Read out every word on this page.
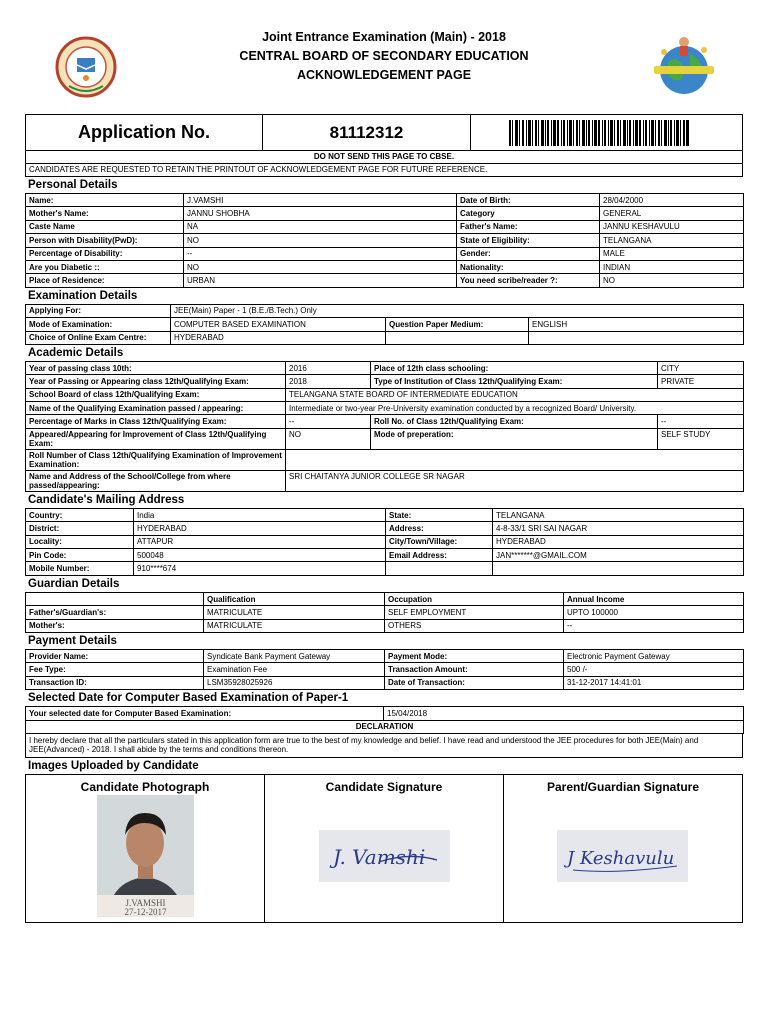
Joint Entrance Examination (Main) - 2018
CENTRAL BOARD OF SECONDARY EDUCATION
ACKNOWLEDGEMENT PAGE
Application No.	81112312
DO NOT SEND THIS PAGE TO CBSE.
CANDIDATES ARE REQUESTED TO RETAIN THE PRINTOUT OF ACKNOWLEDGEMENT PAGE FOR FUTURE REFERENCE.
Personal Details
Name:	J.VAMSHI	Date of Birth:	28/04/2000
Mother's Name:	JANNU SHOBHA	Category	GENERAL
Caste Name	NA	Father's Name:	JANNU KESHAVULU
Person with Disability(PwD):	NO	State of Eligibility:	TELANGANA
Percentage of Disability:	--	Gender:	MALE
Are you Diabetic ::	NO	Nationality:	INDIAN
Place of Residence:	URBAN	You need scribe/reader ?:	NO
Examination Details
Applying For:	JEE(Main) Paper - 1 (B.E./B.Tech.) Only		
Mode of Examination:	COMPUTER BASED EXAMINATION	Question Paper Medium:	ENGLISH
Choice of Online Exam Centre:	HYDERABAD		
Academic Details
Year of passing class 10th:	2016	Place of 12th class schooling:	CITY
Year of Passing or Appearing class 12th/Qualifying Exam:	2018	Type of Institution of Class 12th/Qualifying Exam:	PRIVATE
School Board of class 12th/Qualifying Exam:	TELANGANA STATE BOARD OF INTERMEDIATE EDUCATION		
Name of the Qualifying Examination passed / appearing:	Intermediate or two-year Pre-University examination conducted by a recognized Board/ University.		
Percentage of Marks in Class 12th/Qualifying Exam:	--	Roll No. of Class 12th/Qualifying Exam:	--
Appeared/Appearing for Improvement of Class 12th/Qualifying Exam:	NO	Mode of preperation:	SELF STUDY
Roll Number of Class 12th/Qualifying Examination of Improvement Examination:			
Name and Address of the School/College from where passed/appearing:	SRI CHAITANYA JUNIOR COLLEGE SR NAGAR		
Candidate's Mailing Address
Country:	India	State:	TELANGANA
District:	HYDERABAD	Address:	4-8-33/1 SRI SAI NAGAR
Locality:	ATTAPUR	City/Town/Village:	HYDERABAD
Pin Code:	500048	Email Address:	JAN*******@GMAIL.COM
Mobile Number:	910****674		
Guardian Details
	Qualification	Occupation	Annual Income
Father's/Guardian's:	MATRICULATE	SELF EMPLOYMENT	UPTO 100000
Mother's:	MATRICULATE	OTHERS	--
Payment Details
Provider Name:	Syndicate Bank Payment Gateway	Payment Mode:	Electronic Payment Gateway
Fee Type:	Examination Fee	Transaction Amount:	500 /-
Transaction ID:	LSM35928025926	Date of Transaction:	31-12-2017 14:41:01
Selected Date for Computer Based Examination of Paper-1
Your selected date for Computer Based Examination:	15/04/2018
DECLARATION
I hereby declare that all the particulars stated in this application form are true to the best of my knowledge and belief. I have read and understood the JEE procedures for both JEE(Main) and JEE(Advanced) - 2018. I shall abide by the terms and conditions thereon.
Images Uploaded by Candidate
Candidate Photograph
J.VAMSHI
27-12-2017
Candidate Signature
J. Vamshi
Parent/Guardian Signature
J Keshavulu
